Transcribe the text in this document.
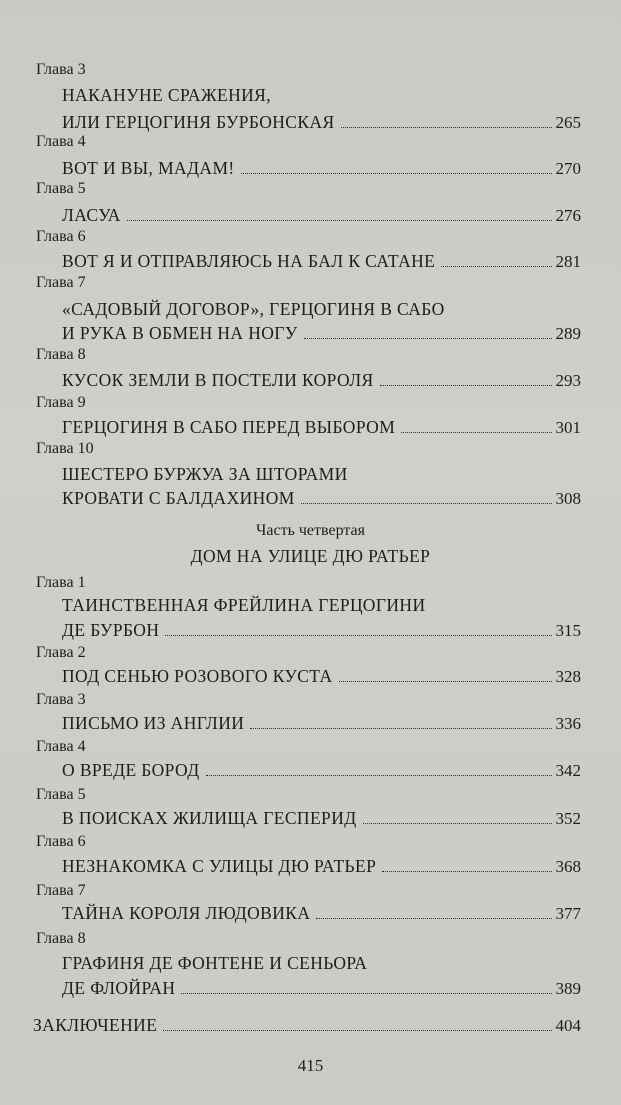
Глава 3
НАКАНУНЕ СРАЖЕНИЯ,
ИЛИ ГЕРЦОГИНЯ БУРБОНСКАЯ	265
Глава 4
ВОТ И ВЫ, МАДАМ!	270
Глава 5
ЛАСУА	276
Глава 6
ВОТ Я И ОТПРАВЛЯЮСЬ НА БАЛ К САТАНЕ	281
Глава 7
«САДОВЫЙ ДОГОВОР», ГЕРЦОГИНЯ В САБО
И РУКА В ОБМЕН НА НОГУ	289
Глава 8
КУСОК ЗЕМЛИ В ПОСТЕЛИ КОРОЛЯ	293
Глава 9
ГЕРЦОГИНЯ В САБО ПЕРЕД ВЫБОРОМ	301
Глава 10
ШЕСТЕРО БУРЖУА ЗА ШТОРАМИ
КРОВАТИ С БАЛДАХИНОМ	308
Часть четвертая
ДОМ НА УЛИЦЕ ДЮ РАТЬЕР
Глава 1
ТАИНСТВЕННАЯ ФРЕЙЛИНА ГЕРЦОГИНИ
ДЕ БУРБОН	315
Глава 2
ПОД СЕНЬЮ РОЗОВОГО КУСТА	328
Глава 3
ПИСЬМО ИЗ АНГЛИИ	336
Глава 4
О ВРЕДЕ БОРОД	342
Глава 5
В ПОИСКАХ ЖИЛИЩА ГЕСПЕРИД	352
Глава 6
НЕЗНАКОМКА С УЛИЦЫ ДЮ РАТЬЕР	368
Глава 7
ТАЙНА КОРОЛЯ ЛЮДОВИКА	377
Глава 8
ГРАФИНЯ ДЕ ФОНТЕНЕ И СЕНЬОРА
ДЕ ФЛОЙРАН	389
ЗАКЛЮЧЕНИЕ	404
415
